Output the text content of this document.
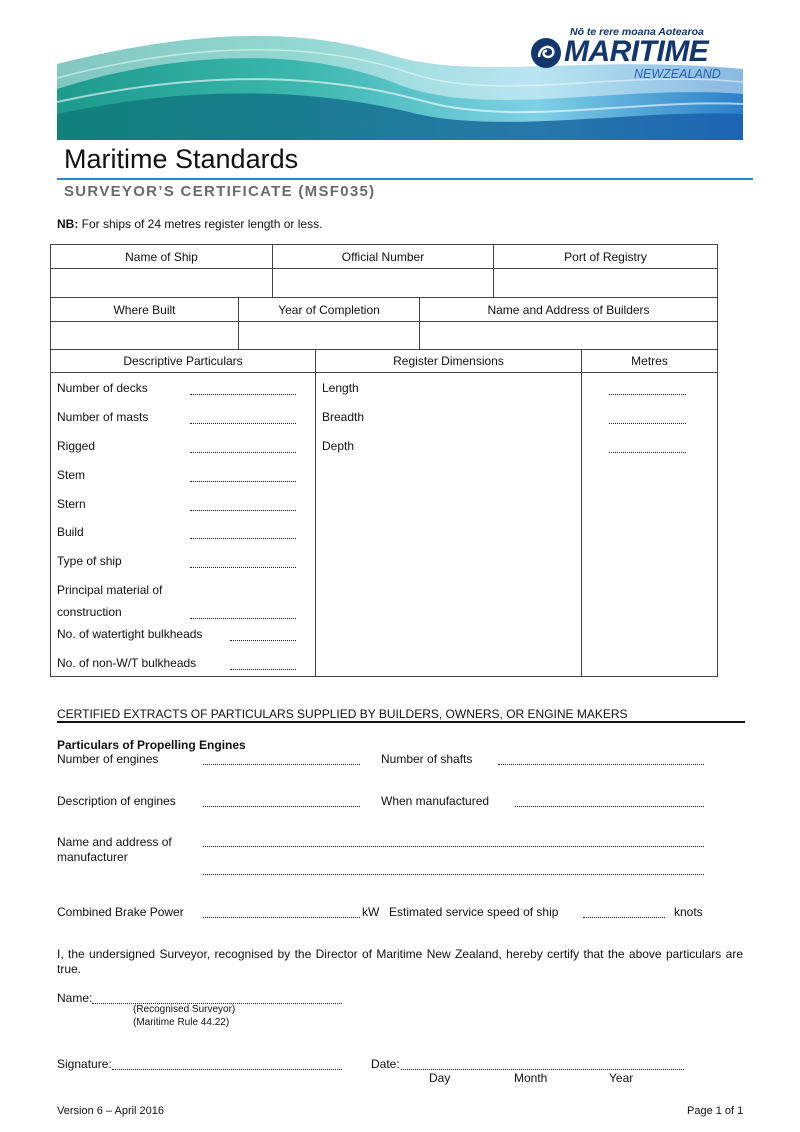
Nō te rere moana Aotearoa
MARITIME
NEWZEALAND
Maritime Standards
SURVEYOR’S CERTIFICATE (MSF035)
NB: For ships of 24 metres register length or less.
Name of Ship	Official Number	Port of Registry

Where Built	Year of Completion	Name and Address of Builders

Descriptive Particulars	Register Dimensions	Metres

Number of decks
Number of masts
Rigged
Stem
Stern
Build
Type of ship
Principal material of
construction
No. of watertight bulkheads
No. of non-W/T bulkheads
Length
Breadth
Depth
CERTIFIED EXTRACTS OF PARTICULARS SUPPLIED BY BUILDERS, OWNERS, OR ENGINE MAKERS
Particulars of Propelling Engines
Number of engines	Number of shafts
Description of engines	When manufactured
Name and address of
manufacturer
Combined Brake Power	kW Estimated service speed of ship	knots
I, the undersigned Surveyor, recognised by the Director of Maritime New Zealand, hereby certify that the above particulars are true.
Name:
(Recognised Surveyor)
(Maritime Rule 44.22)
Signature:	Date:
Day	Month	Year
Version 6 – April 2016	Page 1 of 1
